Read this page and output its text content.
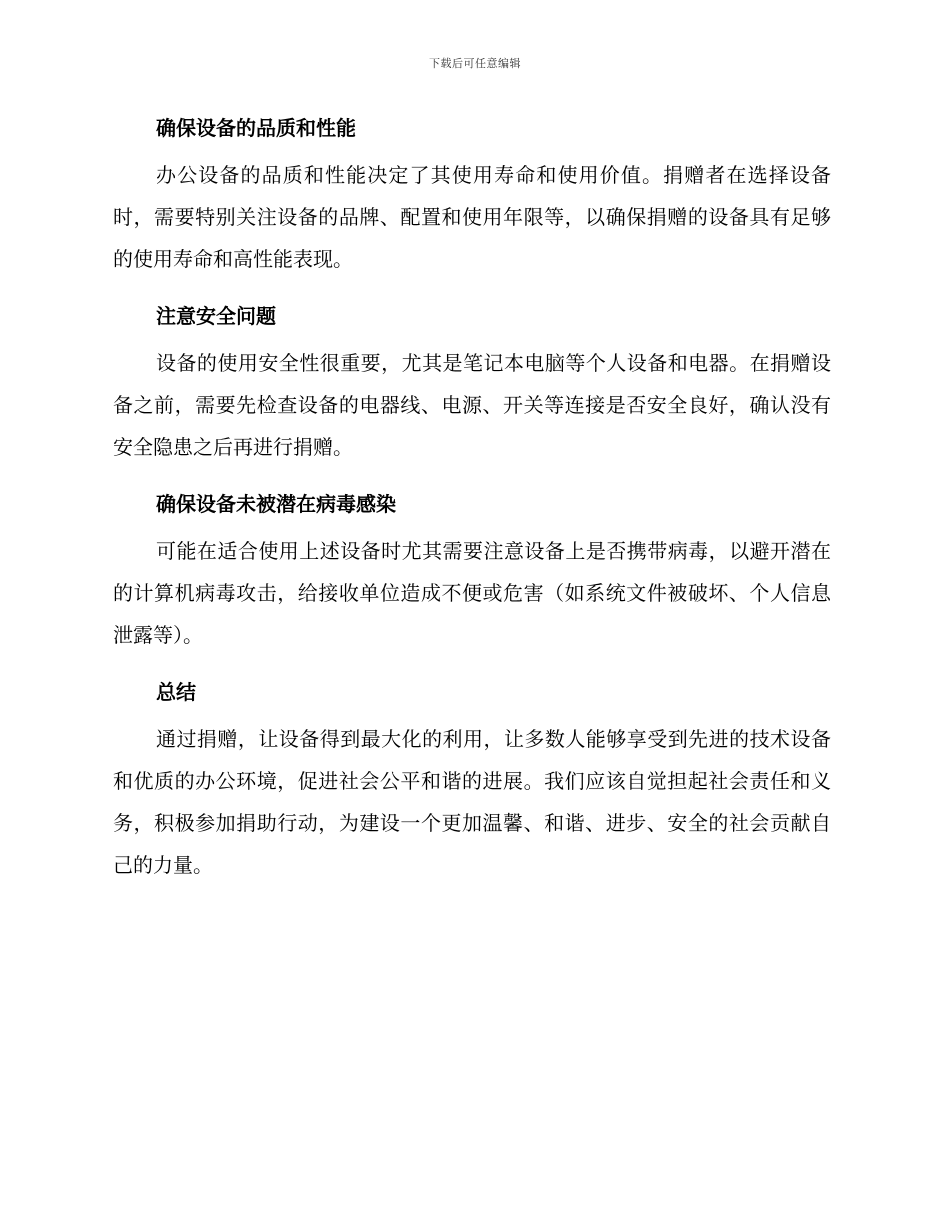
下载后可任意编辑
确保设备的品质和性能

办公设备的品质和性能决定了其使用寿命和使用价值。捐赠者在选择设备时，需要特别关注设备的品牌、配置和使用年限等，以确保捐赠的设备具有足够的使用寿命和高性能表现。

注意安全问题

设备的使用安全性很重要，尤其是笔记本电脑等个人设备和电器。在捐赠设备之前，需要先检查设备的电器线、电源、开关等连接是否安全良好，确认没有安全隐患之后再进行捐赠。

确保设备未被潜在病毒感染

可能在适合使用上述设备时尤其需要注意设备上是否携带病毒，以避开潜在的计算机病毒攻击，给接收单位造成不便或危害（如系统文件被破坏、个人信息泄露等）。

总结

通过捐赠，让设备得到最大化的利用，让多数人能够享受到先进的技术设备和优质的办公环境，促进社会公平和谐的进展。我们应该自觉担起社会责任和义务，积极参加捐助行动，为建设一个更加温馨、和谐、进步、安全的社会贡献自己的力量。
